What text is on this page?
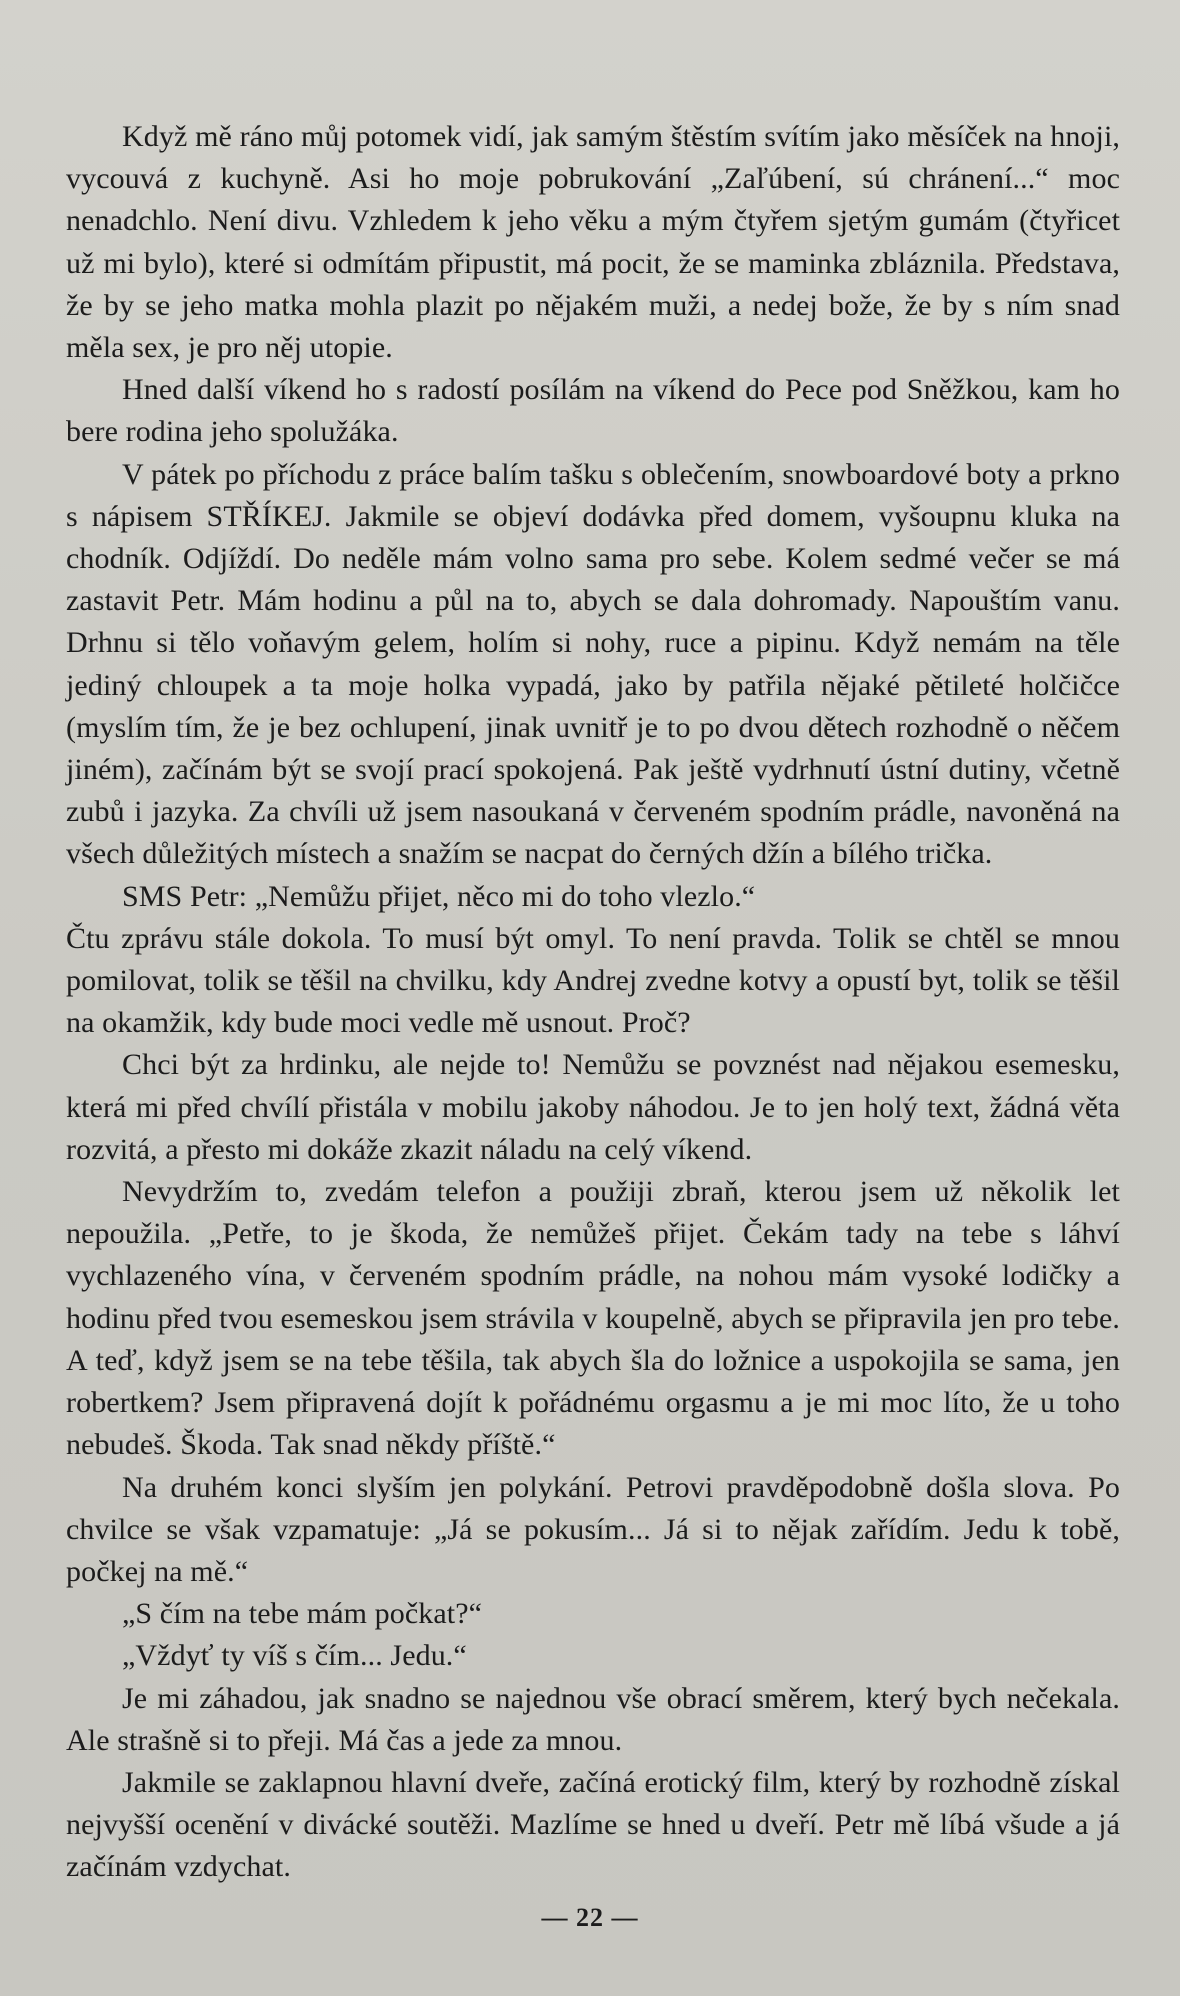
Když mě ráno můj potomek vidí, jak samým štěstím svítím jako měsíček na hnoji, vycouvá z kuchyně. Asi ho moje pobrukování „Zaľúbení, sú chránení...“ moc nenadchlo. Není divu. Vzhledem k jeho věku a mým čtyřem sjetým gumám (čtyřicet už mi bylo), které si odmítám připustit, má pocit, že se maminka zbláznila. Představa, že by se jeho matka mohla plazit po nějakém muži, a nedej bože, že by s ním snad měla sex, je pro něj utopie.

Hned další víkend ho s radostí posílám na víkend do Pece pod Sněžkou, kam ho bere rodina jeho spolužáka.

V pátek po příchodu z práce balím tašku s oblečením, snowboardové boty a prkno s nápisem STŘÍKEJ. Jakmile se objeví dodávka před domem, vyšoupnu kluka na chodník. Odjíždí. Do neděle mám volno sama pro sebe. Kolem sedmé večer se má zastavit Petr. Mám hodinu a půl na to, abych se dala dohromady. Napouštím vanu. Drhnu si tělo voňavým gelem, holím si nohy, ruce a pipinu. Když nemám na těle jediný chloupek a ta moje holka vypadá, jako by patřila nějaké pětileté holčičce (myslím tím, že je bez ochlupení, jinak uvnitř je to po dvou dětech rozhodně o něčem jiném), začínám být se svojí prací spokojená. Pak ještě vydrhnutí ústní dutiny, včetně zubů i jazyka. Za chvíli už jsem nasoukaná v červeném spodním prádle, navoněná na všech důležitých místech a snažím se nacpat do černých džín a bílého trička.

SMS Petr: „Nemůžu přijet, něco mi do toho vlezlo.“

Čtu zprávu stále dokola. To musí být omyl. To není pravda. Tolik se chtěl se mnou pomilovat, tolik se těšil na chvilku, kdy Andrej zvedne kotvy a opustí byt, tolik se těšil na okamžik, kdy bude moci vedle mě usnout. Proč?

Chci být za hrdinku, ale nejde to! Nemůžu se povznést nad nějakou esemesku, která mi před chvílí přistála v mobilu jakoby náhodou. Je to jen holý text, žádná věta rozvitá, a přesto mi dokáže zkazit náladu na celý víkend.

Nevydržím to, zvedám telefon a použiji zbraň, kterou jsem už několik let nepoužila. „Petře, to je škoda, že nemůžeš přijet. Čekám tady na tebe s láhví vychlazeného vína, v červeném spodním prádle, na nohou mám vysoké lodičky a hodinu před tvou esemeskou jsem strávila v koupelně, abych se připravila jen pro tebe. A teď, když jsem se na tebe těšila, tak abych šla do ložnice a uspokojila se sama, jen robertkem? Jsem připravená dojít k pořádnému orgasmu a je mi moc líto, že u toho nebudeš. Škoda. Tak snad někdy příště.“

Na druhém konci slyším jen polykání. Petrovi pravděpodobně došla slova. Po chvilce se však vzpamatuje: „Já se pokusím... Já si to nějak zařídím. Jedu k tobě, počkej na mě.“

„S čím na tebe mám počkat?“

„Vždyť ty víš s čím... Jedu.“

Je mi záhadou, jak snadno se najednou vše obrací směrem, který bych nečekala. Ale strašně si to přeji. Má čas a jede za mnou.

Jakmile se zaklapnou hlavní dveře, začíná erotický film, který by rozhodně získal nejvyšší ocenění v divácké soutěži. Mazlíme se hned u dveří. Petr mě líbá všude a já začínám vzdychat.

— 22 —
